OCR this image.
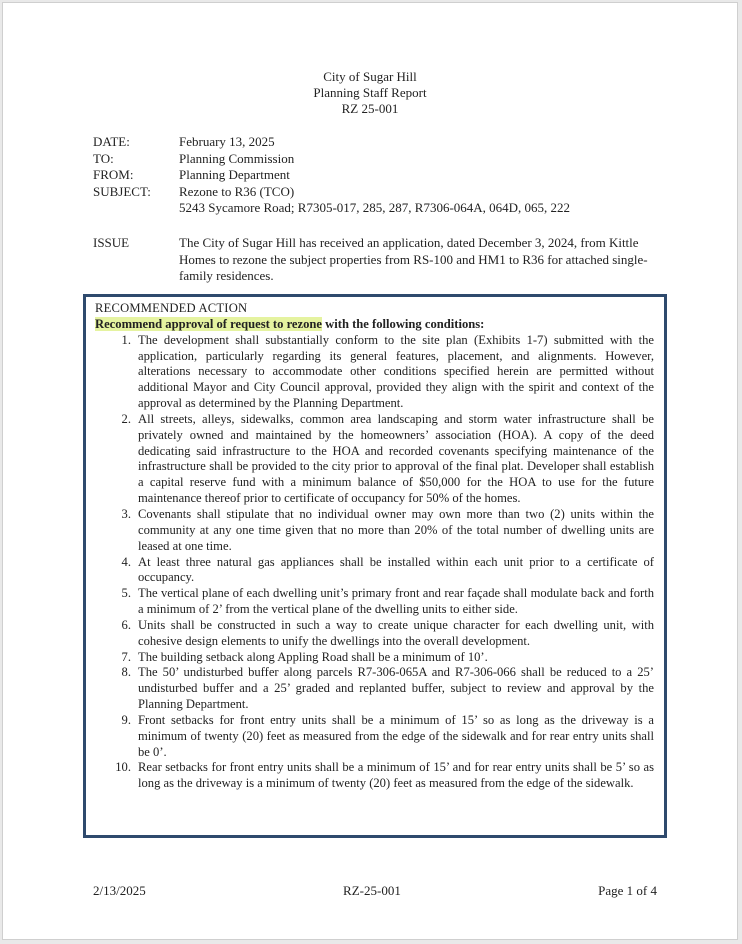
City of Sugar Hill
Planning Staff Report
RZ 25-001
DATE:	February 13, 2025
TO:	Planning Commission
FROM:	Planning Department
SUBJECT:	Rezone to R36 (TCO)
5243 Sycamore Road; R7305-017, 285, 287, R7306-064A, 064D, 065, 222
ISSUE	The City of Sugar Hill has received an application, dated December 3, 2024, from Kittle Homes to rezone the subject properties from RS-100 and HM1 to R36 for attached single-family residences.
RECOMMENDED ACTION
Recommend approval of request to rezone with the following conditions:
1. The development shall substantially conform to the site plan (Exhibits 1-7) submitted with the application, particularly regarding its general features, placement, and alignments. However, alterations necessary to accommodate other conditions specified herein are permitted without additional Mayor and City Council approval, provided they align with the spirit and context of the approval as determined by the Planning Department.
2. All streets, alleys, sidewalks, common area landscaping and storm water infrastructure shall be privately owned and maintained by the homeowners’ association (HOA). A copy of the deed dedicating said infrastructure to the HOA and recorded covenants specifying maintenance of the infrastructure shall be provided to the city prior to approval of the final plat. Developer shall establish a capital reserve fund with a minimum balance of $50,000 for the HOA to use for the future maintenance thereof prior to certificate of occupancy for 50% of the homes.
3. Covenants shall stipulate that no individual owner may own more than two (2) units within the community at any one time given that no more than 20% of the total number of dwelling units are leased at one time.
4. At least three natural gas appliances shall be installed within each unit prior to a certificate of occupancy.
5. The vertical plane of each dwelling unit’s primary front and rear façade shall modulate back and forth a minimum of 2’ from the vertical plane of the dwelling units to either side.
6. Units shall be constructed in such a way to create unique character for each dwelling unit, with cohesive design elements to unify the dwellings into the overall development.
7. The building setback along Appling Road shall be a minimum of 10’.
8. The 50’ undisturbed buffer along parcels R7-306-065A and R7-306-066 shall be reduced to a 25’ undisturbed buffer and a 25’ graded and replanted buffer, subject to review and approval by the Planning Department.
9. Front setbacks for front entry units shall be a minimum of 15’ so as long as the driveway is a minimum of twenty (20) feet as measured from the edge of the sidewalk and for rear entry units shall be 0’.
10. Rear setbacks for front entry units shall be a minimum of 15’ and for rear entry units shall be 5’ so as long as the driveway is a minimum of twenty (20) feet as measured from the edge of the sidewalk.
2/13/2025	RZ-25-001	Page 1 of 4
